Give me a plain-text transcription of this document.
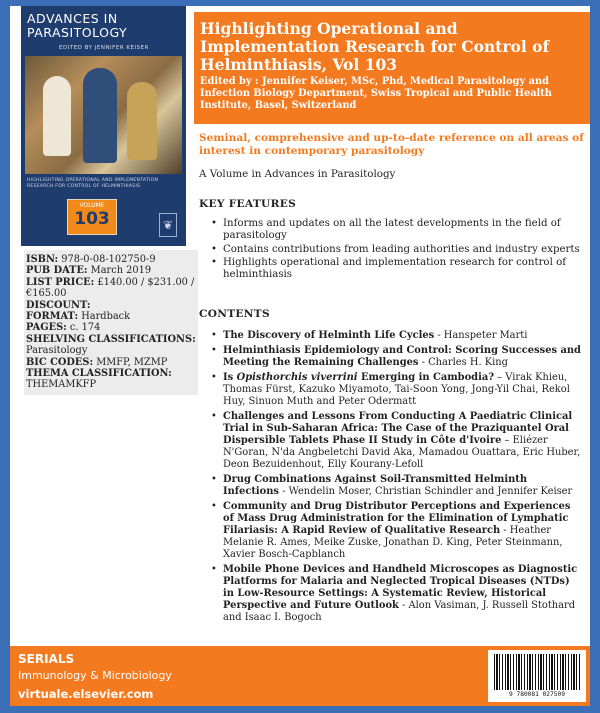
ADVANCES IN PARASITOLOGY
EDITED BY JENNIFER KEISER
HIGHLIGHTING OPERATIONAL AND IMPLEMENTATION RESEARCH FOR CONTROL OF HELMINTHIASIS
VOLUME
103	❦
ISBN: 978-0-08-102750-9
PUB DATE: March 2019
LIST PRICE: £140.00 / $231.00 / €165.00
DISCOUNT:
FORMAT: Hardback
PAGES: c. 174
SHELVING CLASSIFICATIONS:
Parasitology
BIC CODES: MMFP, MZMP
THEMA CLASSIFICATION:
THEMAMKFP
Highlighting Operational and Implementation Research for Control of Helminthiasis, Vol 103
Edited by : Jennifer Keiser, MSc, Phd, Medical Parasitology and Infection Biology Department, Swiss Tropical and Public Health Institute, Basel, Switzerland
Seminal, comprehensive and up-to-date reference on all areas of interest in contemporary parasitology
A Volume in Advances in Parasitology
KEY FEATURES
• Informs and updates on all the latest developments in the field of parasitology
• Contains contributions from leading authorities and industry experts
• Highlights operational and implementation research for control of helminthiasis
CONTENTS
• The Discovery of Helminth Life Cycles - Hanspeter Marti
• Helminthiasis Epidemiology and Control: Scoring Successes and Meeting the Remaining Challenges - Charles H. King
• Is Opisthorchis viverrini Emerging in Cambodia? – Virak Khieu, Thomas Fürst, Kazuko Miyamoto, Tai-Soon Yong, Jong-Yil Chai, Rekol Huy, Sinuon Muth and Peter Odermatt
• Challenges and Lessons From Conducting A Paediatric Clinical Trial in Sub-Saharan Africa: The Case of the Praziquantel Oral Dispersible Tablets Phase II Study in Côte d'Ivoire – Eliézer N'Goran, N'da Angbeletchi David Aka, Mamadou Ouattara, Eric Huber, Deon Bezuidenhout, Elly Kourany-Lefoll
• Drug Combinations Against Soil-Transmitted Helminth Infections - Wendelin Moser, Christian Schindler and Jennifer Keiser
• Community and Drug Distributor Perceptions and Experiences of Mass Drug Administration for the Elimination of Lymphatic Filariasis: A Rapid Review of Qualitative Research - Heather Melanie R. Ames, Meike Zuske, Jonathan D. King, Peter Steinmann, Xavier Bosch-Capblanch
• Mobile Phone Devices and Handheld Microscopes as Diagnostic Platforms for Malaria and Neglected Tropical Diseases (NTDs) in Low-Resource Settings: A Systematic Review, Historical Perspective and Future Outlook - Alon Vasiman, J. Russell Stothard and Isaac I. Bogoch
SERIALS
Immunology & Microbiology
virtuale.elsevier.com	9 780081 027509
